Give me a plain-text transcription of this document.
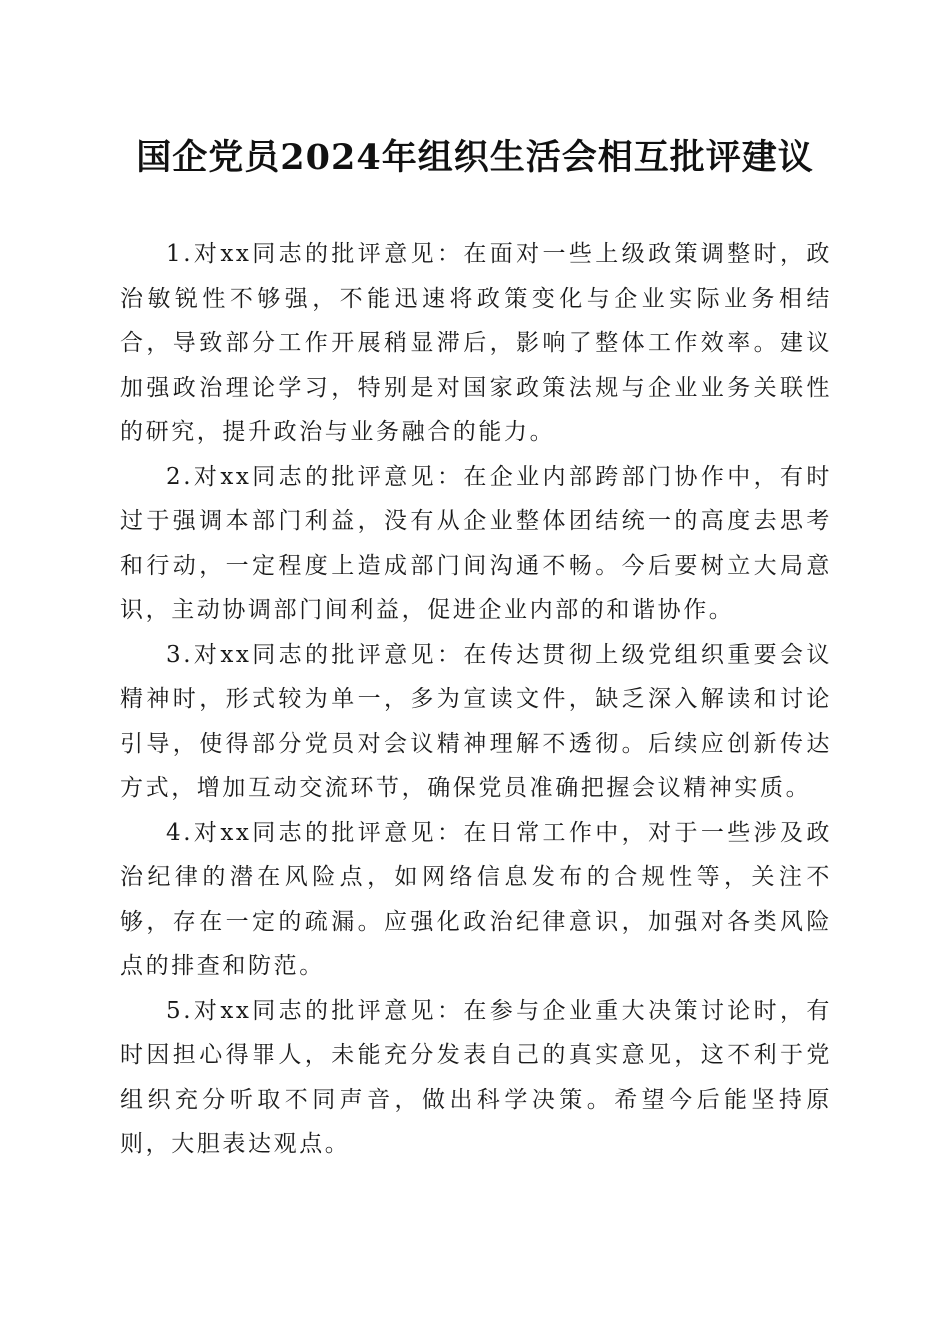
国企党员2024年组织生活会相互批评建议

1.对xx同志的批评意见：在面对一些上级政策调整时，政治敏锐性不够强，不能迅速将政策变化与企业实际业务相结合，导致部分工作开展稍显滞后，影响了整体工作效率。建议加强政治理论学习，特别是对国家政策法规与企业业务关联性的研究，提升政治与业务融合的能力。

2.对xx同志的批评意见：在企业内部跨部门协作中，有时过于强调本部门利益，没有从企业整体团结统一的高度去思考和行动，一定程度上造成部门间沟通不畅。今后要树立大局意识，主动协调部门间利益，促进企业内部的和谐协作。

3.对xx同志的批评意见：在传达贯彻上级党组织重要会议精神时，形式较为单一，多为宣读文件，缺乏深入解读和讨论引导，使得部分党员对会议精神理解不透彻。后续应创新传达方式，增加互动交流环节，确保党员准确把握会议精神实质。

4.对xx同志的批评意见：在日常工作中，对于一些涉及政治纪律的潜在风险点，如网络信息发布的合规性等，关注不够，存在一定的疏漏。应强化政治纪律意识，加强对各类风险点的排查和防范。

5.对xx同志的批评意见：在参与企业重大决策讨论时，有时因担心得罪人，未能充分发表自己的真实意见，这不利于党组织充分听取不同声音，做出科学决策。希望今后能坚持原则，大胆表达观点。
